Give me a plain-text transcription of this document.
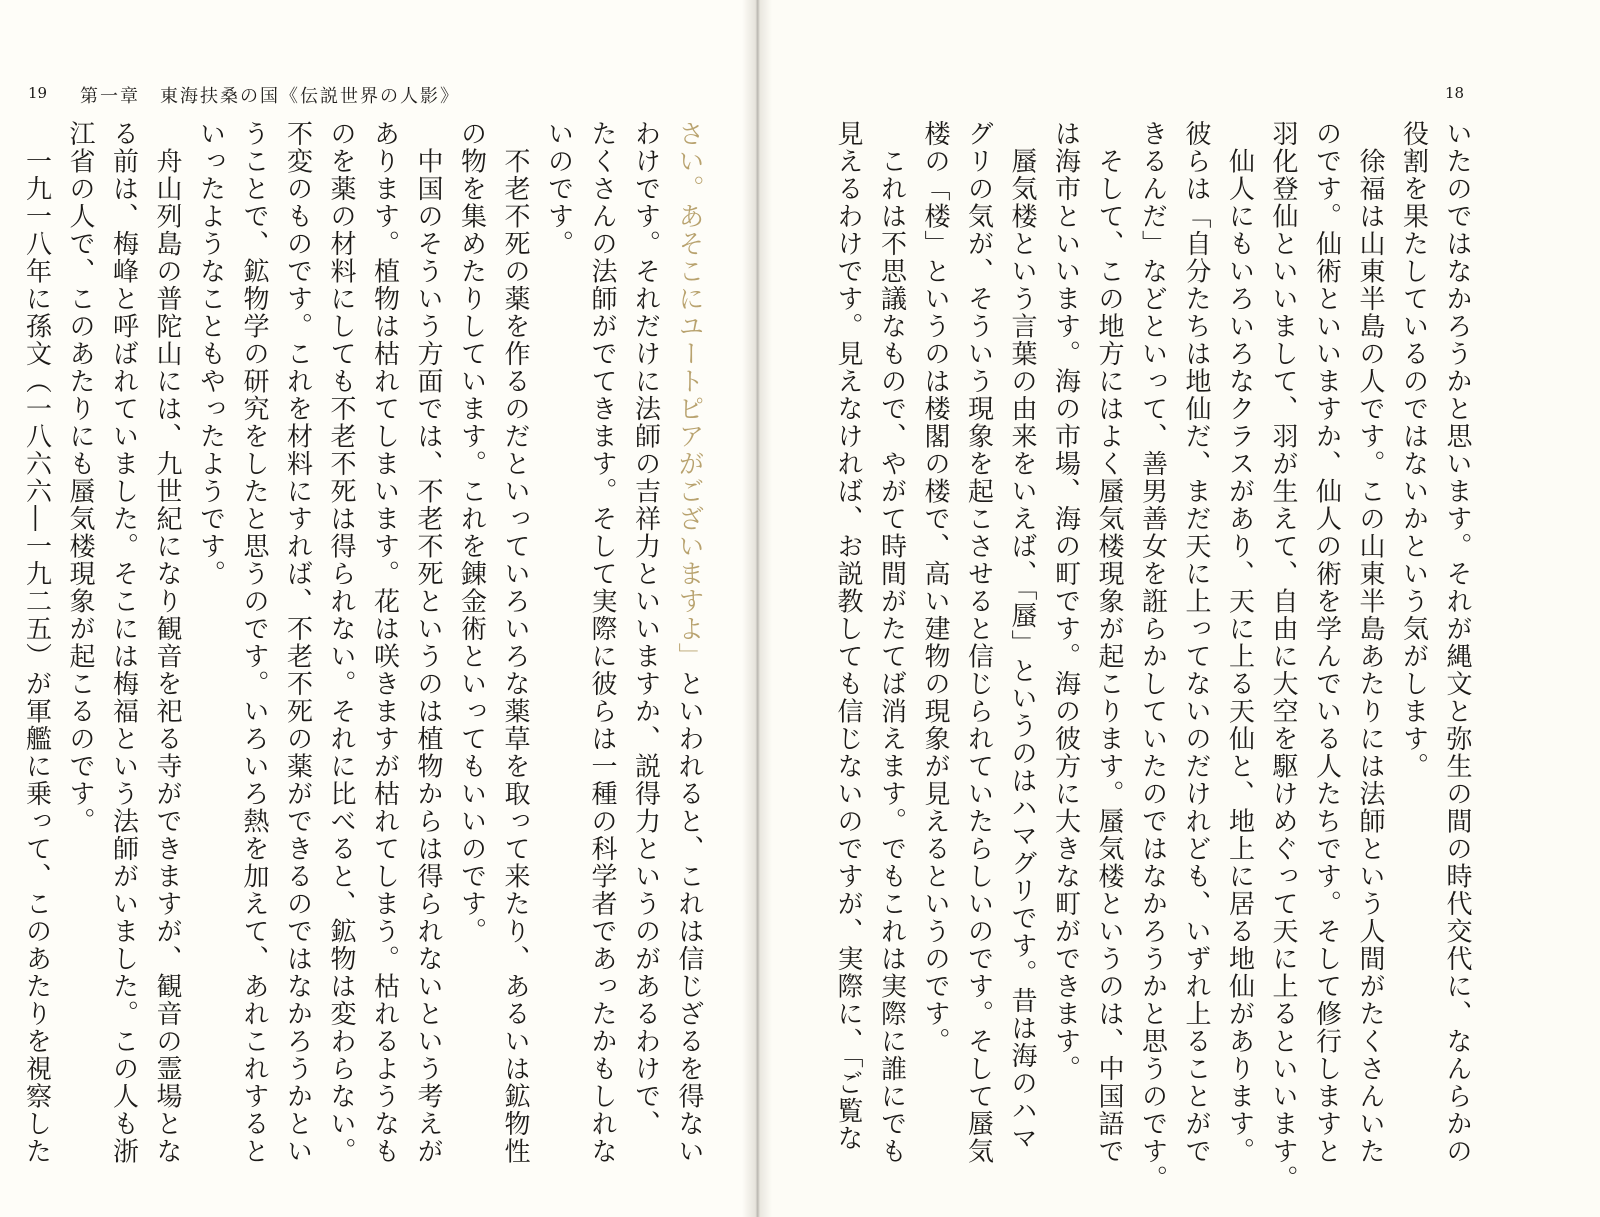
19 第一章　東海扶桑の国《伝説世界の人影》

さい。あそこにユートピアがございますよ」といわれると、これは信じざるを得ない

わけです。それだけに法師の吉祥力といいますか、説得力というのがあるわけで、

たくさんの法師がでてきます。そして実際に彼らは一種の科学者であったかもしれな

いのです。

　不老不死の薬を作るのだといっていろいろな薬草を取って来たり、あるいは鉱物性

の物を集めたりしています。これを錬金術といってもいいのです。

　中国のそういう方面では、不老不死というのは植物からは得られないという考えが

あります。植物は枯れてしまいます。花は咲きますが枯れてしまう。枯れるようなも

のを薬の材料にしても不老不死は得られない。それに比べると、鉱物は変わらない。

不変のものです。これを材料にすれば、不老不死の薬ができるのではなかろうかとい

うことで、鉱物学の研究をしたと思うのです。いろいろ熱を加えて、あれこれすると

いったようなこともやったようです。

　舟山列島の普陀山には、九世紀になり観音を祀る寺ができますが、観音の霊場とな

る前は、梅峰と呼ばれていました。そこには梅福という法師がいました。この人も浙

江省の人で、このあたりにも蜃気楼現象が起こるのです。

　一九一八年に孫文（一八六六―一九二五）が軍艦に乗って、このあたりを視察した

18

いたのではなかろうかと思います。それが縄文と弥生の間の時代交代に、なんらかの

役割を果たしているのではないかという気がします。

　徐福は山東半島の人です。この山東半島あたりには法師という人間がたくさんいた

のです。仙術といいますか、仙人の術を学んでいる人たちです。そして修行しますと

羽化登仙といいまして、羽が生えて、自由に大空を駆けめぐって天に上るといいます。

　仙人にもいろいろなクラスがあり、天に上る天仙と、地上に居る地仙があります。

彼らは「自分たちは地仙だ、まだ天に上ってないのだけれども、いずれ上ることがで

きるんだ」などといって、善男善女を誑らかしていたのではなかろうかと思うのです。

　そして、この地方にはよく蜃気楼現象が起こります。蜃気楼というのは、中国語で

は海市といいます。海の市場、海の町です。海の彼方に大きな町ができます。

　蜃気楼という言葉の由来をいえば、「蜃」というのはハマグリです。昔は海のハマ

グリの気が、そういう現象を起こさせると信じられていたらしいのです。そして蜃気

楼の「楼」というのは楼閣の楼で、高い建物の現象が見えるというのです。

　これは不思議なもので、やがて時間がたてば消えます。でもこれは実際に誰にでも

見えるわけです。見えなければ、お説教しても信じないのですが、実際に、「ご覧な
